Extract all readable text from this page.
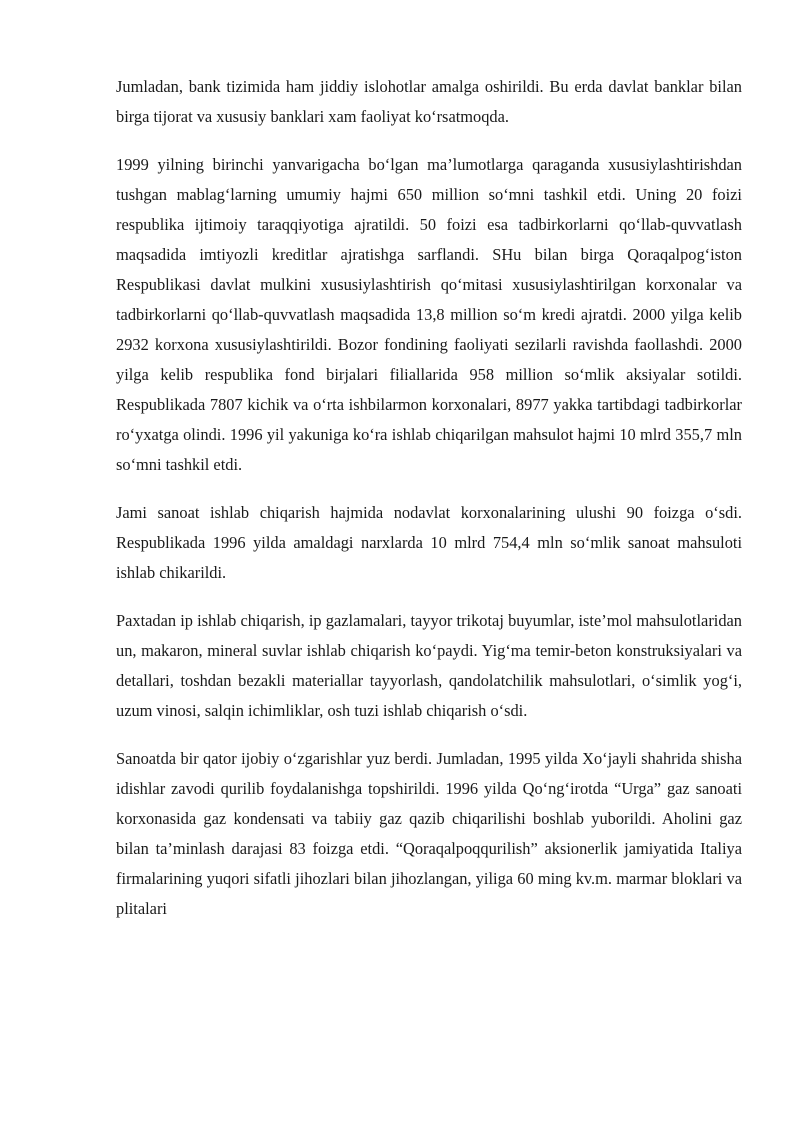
Jumladan, bank tizimida ham jiddiy islohotlar amalga oshirildi. Bu erda davlat banklar bilan birga tijorat va xususiy banklari xam faoliyat ko‘rsatmoqda.

1999 yilning birinchi yanvarigacha bo‘lgan ma’lumotlarga qaraganda xususiylashtirishdan tushgan mablag‘larning umumiy hajmi 650 million so‘mni tashkil etdi. Uning 20 foizi respublika ijtimoiy taraqqiyotiga ajratildi. 50 foizi esa tadbirkorlarni qo‘llab-quvvatlash maqsadida imtiyozli kreditlar ajratishga sarflandi. SHu bilan birga Qoraqalpog‘iston Respublikasi davlat mulkini xususiylashtirish qo‘mitasi xususiylashtirilgan korxonalar va tadbirkorlarni qo‘llab-quvvatlash maqsadida 13,8 million so‘m kredi ajratdi. 2000 yilga kelib 2932 korxona xususiylashtirildi. Bozor fondining faoliyati sezilarli ravishda faollashdi. 2000 yilga kelib respublika fond birjalari filiallarida 958 million so‘mlik aksiyalar sotildi. Respublikada 7807 kichik va o‘rta ishbilarmon korxonalari, 8977 yakka tartibdagi tadbirkorlar ro‘yxatga olindi. 1996 yil yakuniga ko‘ra ishlab chiqarilgan mahsulot hajmi 10 mlrd 355,7 mln so‘mni tashkil etdi.

Jami sanoat ishlab chiqarish hajmida nodavlat korxonalarining ulushi 90 foizga o‘sdi. Respublikada 1996 yilda amaldagi narxlarda 10 mlrd 754,4 mln so‘mlik sanoat mahsuloti ishlab chikarildi.

Paxtadan ip ishlab chiqarish, ip gazlamalari, tayyor trikotaj buyumlar, iste’mol mahsulotlaridan un, makaron, mineral suvlar ishlab chiqarish ko‘paydi. Yig‘ma temir-beton konstruksiyalari va detallari, toshdan bezakli materiallar tayyorlash, qandolatchilik mahsulotlari, o‘simlik yog‘i, uzum vinosi, salqin ichimliklar, osh tuzi ishlab chiqarish o‘sdi.

Sanoatda bir qator ijobiy o‘zgarishlar yuz berdi. Jumladan, 1995 yilda Xo‘jayli shahrida shisha idishlar zavodi qurilib foydalanishga topshirildi. 1996 yilda Qo‘ng‘irotda “Urga” gaz sanoati korxonasida gaz kondensati va tabiiy gaz qazib chiqarilishi boshlab yuborildi. Aholini gaz bilan ta’minlash darajasi 83 foizga etdi. “Qoraqalpoqqurilish” aksionerlik jamiyatida Italiya firmalarining yuqori sifatli jihozlari bilan jihozlangan, yiliga 60 ming kv.m. marmar bloklari va plitalari
